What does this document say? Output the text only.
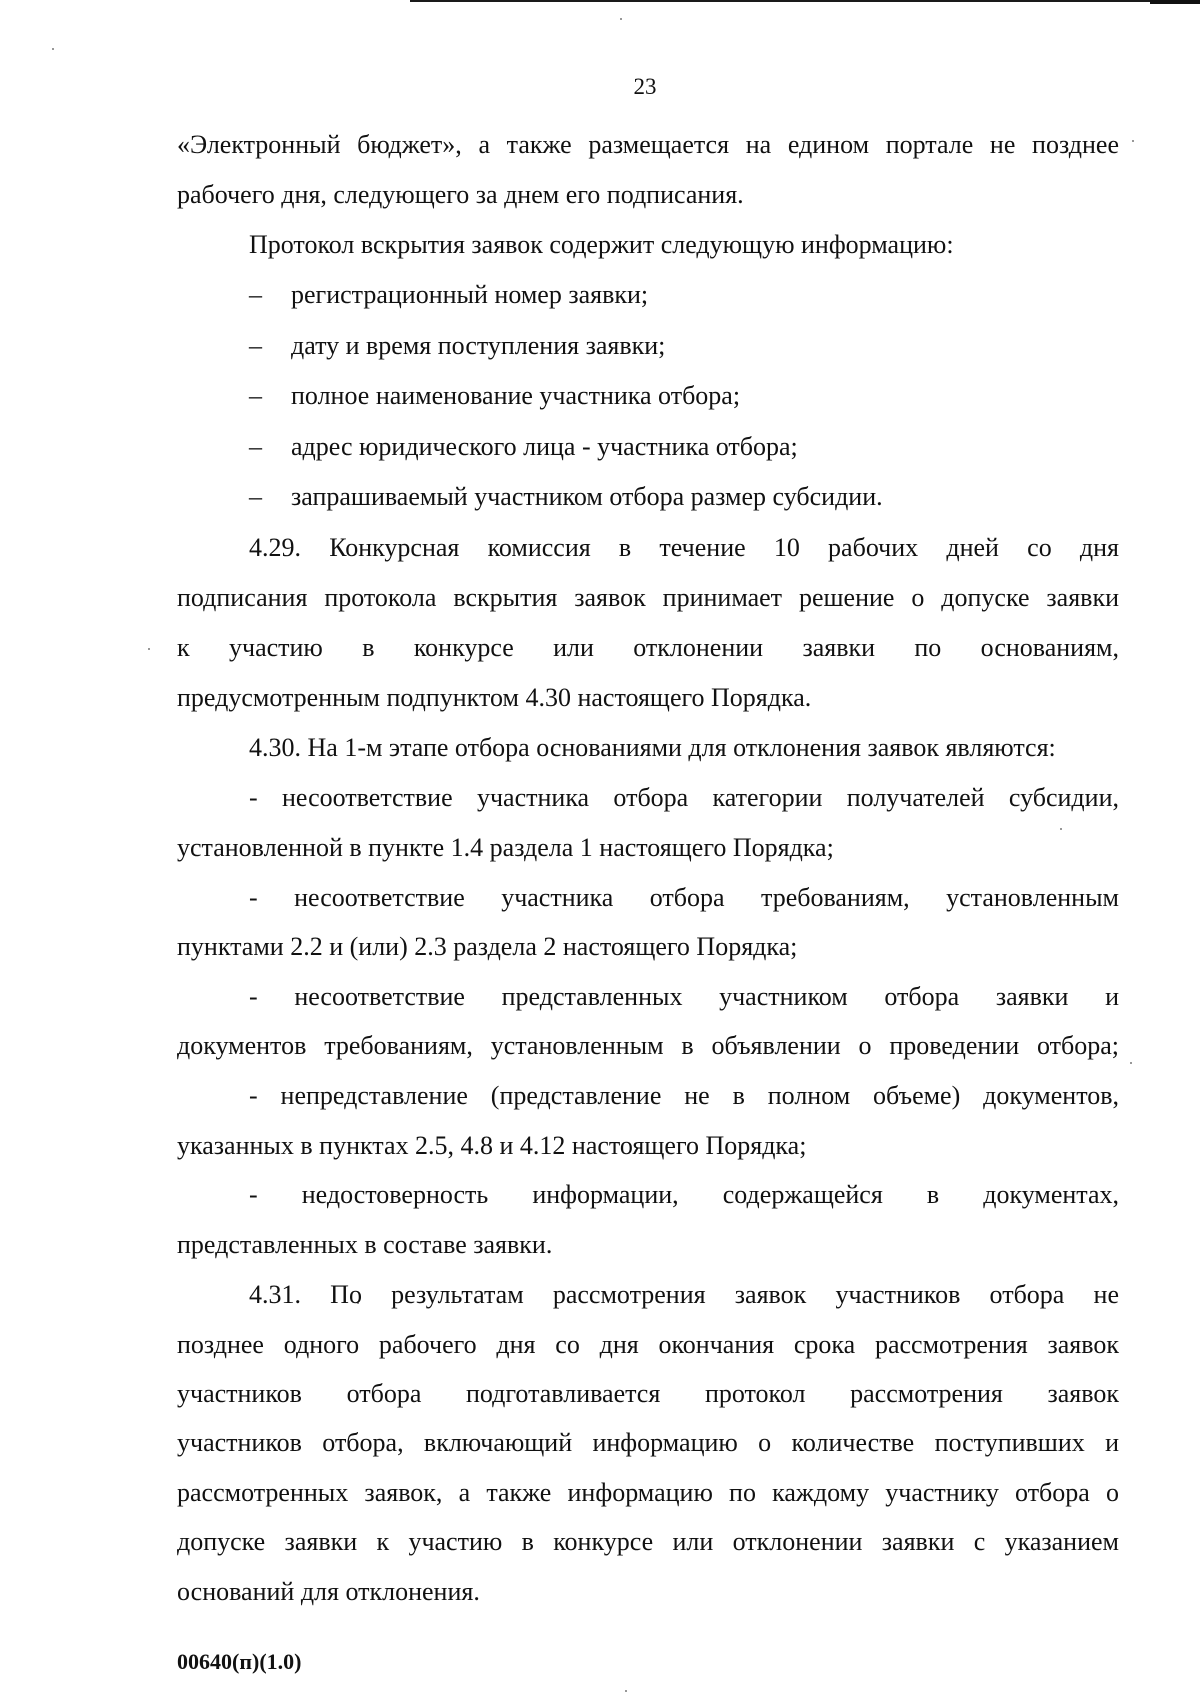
23
«Электронный бюджет», а также размещается на едином портале не позднее
рабочего дня, следующего за днем его подписания.
Протокол вскрытия заявок содержит следующую информацию:
– регистрационный номер заявки;
– дату и время поступления заявки;
– полное наименование участника отбора;
– адрес юридического лица - участника отбора;
– запрашиваемый участником отбора размер субсидии.
4.29. Конкурсная комиссия в течение 10 рабочих дней со дня
подписания протокола вскрытия заявок принимает решение о допуске заявки
к участию в конкурсе или отклонении заявки по основаниям,
предусмотренным подпунктом 4.30 настоящего Порядка.
4.30. На 1-м этапе отбора основаниями для отклонения заявок являются:
- несоответствие участника отбора категории получателей субсидии,
установленной в пункте 1.4 раздела 1 настоящего Порядка;
- несоответствие участника отбора требованиям, установленным
пунктами 2.2 и (или) 2.3 раздела 2 настоящего Порядка;
- несоответствие представленных участником отбора заявки и
документов требованиям, установленным в объявлении о проведении отбора;
- непредставление (представление не в полном объеме) документов,
указанных в пунктах 2.5, 4.8 и 4.12 настоящего Порядка;
- недостоверность информации, содержащейся в документах,
представленных в составе заявки.
4.31. По результатам рассмотрения заявок участников отбора не
позднее одного рабочего дня со дня окончания срока рассмотрения заявок
участников отбора подготавливается протокол рассмотрения заявок
участников отбора, включающий информацию о количестве поступивших и
рассмотренных заявок, а также информацию по каждому участнику отбора о
допуске заявки к участию в конкурсе или отклонении заявки с указанием
оснований для отклонения.
00640(п)(1.0)
